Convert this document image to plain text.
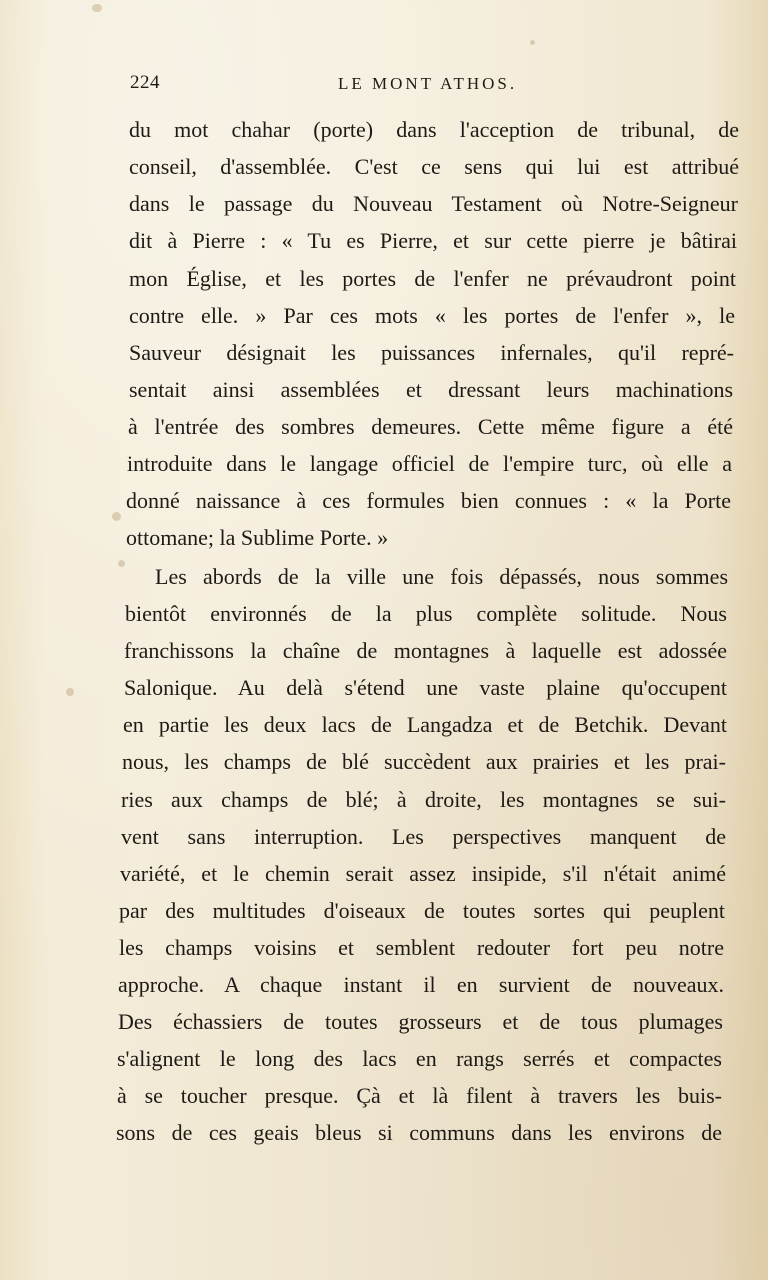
224	LE MONT ATHOS.
du mot chahar (porte) dans l'acception de tribunal, de
conseil, d'assemblée. C'est ce sens qui lui est attribué
dans le passage du Nouveau Testament où Notre-Seigneur
dit à Pierre : « Tu es Pierre, et sur cette pierre je bâtirai
mon Église, et les portes de l'enfer ne prévaudront point
contre elle. » Par ces mots « les portes de l'enfer », le
Sauveur désignait les puissances infernales, qu'il repré-
sentait ainsi assemblées et dressant leurs machinations
à l'entrée des sombres demeures. Cette même figure a été
introduite dans le langage officiel de l'empire turc, où elle a
donné naissance à ces formules bien connues : « la Porte
ottomane; la Sublime Porte. »
Les abords de la ville une fois dépassés, nous sommes
bientôt environnés de la plus complète solitude. Nous
franchissons la chaîne de montagnes à laquelle est adossée
Salonique. Au delà s'étend une vaste plaine qu'occupent
en partie les deux lacs de Langadza et de Betchik. Devant
nous, les champs de blé succèdent aux prairies et les prai-
ries aux champs de blé; à droite, les montagnes se sui-
vent sans interruption. Les perspectives manquent de
variété, et le chemin serait assez insipide, s'il n'était animé
par des multitudes d'oiseaux de toutes sortes qui peuplent
les champs voisins et semblent redouter fort peu notre
approche. A chaque instant il en survient de nouveaux.
Des échassiers de toutes grosseurs et de tous plumages
s'alignent le long des lacs en rangs serrés et compactes
à se toucher presque. Çà et là filent à travers les buis-
sons de ces geais bleus si communs dans les environs de
